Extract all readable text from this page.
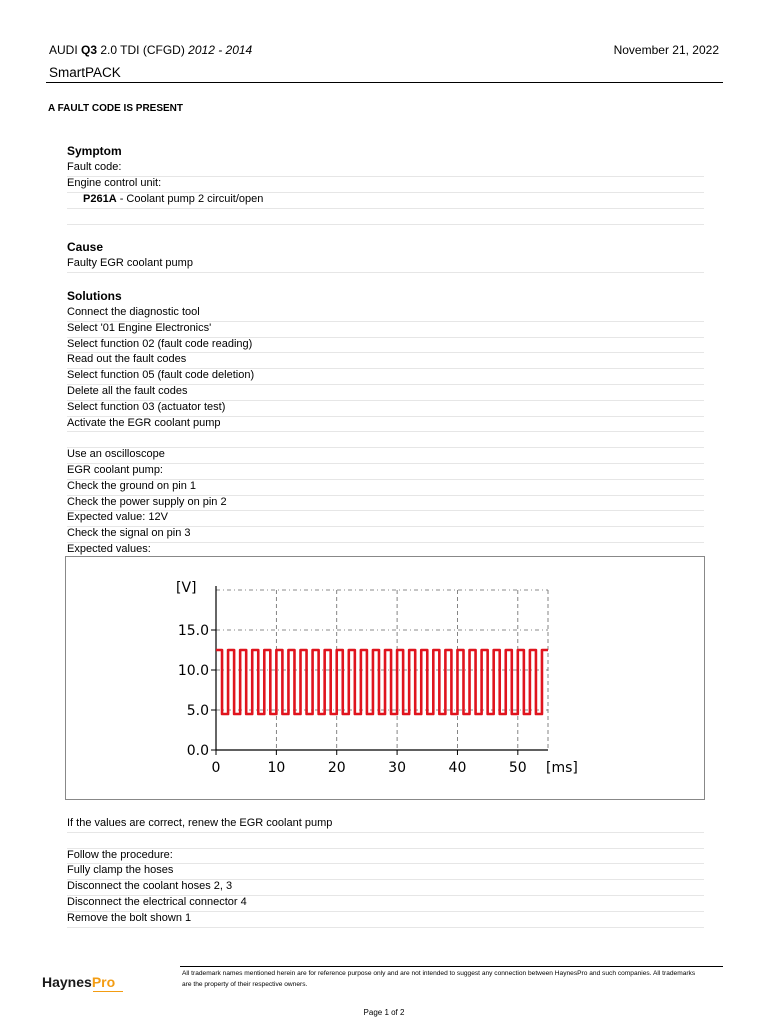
AUDI Q3 2.0 TDI (CFGD) 2012 - 2014	November 21, 2022
SmartPACK
A FAULT CODE IS PRESENT
Symptom
Fault code:
Engine control unit:
P261A - Coolant pump 2 circuit/open
Cause
Faulty EGR coolant pump
Solutions
Connect the diagnostic tool
Select '01 Engine Electronics'
Select function 02 (fault code reading)
Read out the fault codes
Select function 05 (fault code deletion)
Delete all the fault codes
Select function 03 (actuator test)
Activate the EGR coolant pump
Use an oscilloscope
EGR coolant pump:
Check the ground on pin 1
Check the power supply on pin 2
Expected value: 12V
Check the signal on pin 3
Expected values:
If the values are correct, renew the EGR coolant pump
Follow the procedure:
Fully clamp the hoses
Disconnect the coolant hoses 2, 3
Disconnect the electrical connector 4
Remove the bolt shown 1
0	10	20	30	40	50
0.0
5.0
10.0
15.0
[V]
[ms]
HaynesPro
All trademark names mentioned herein are for reference purpose only and are not intended to suggest any connection between HaynesPro and such companies. All trademarks are the property of their respective owners.
Page 1 of 2
